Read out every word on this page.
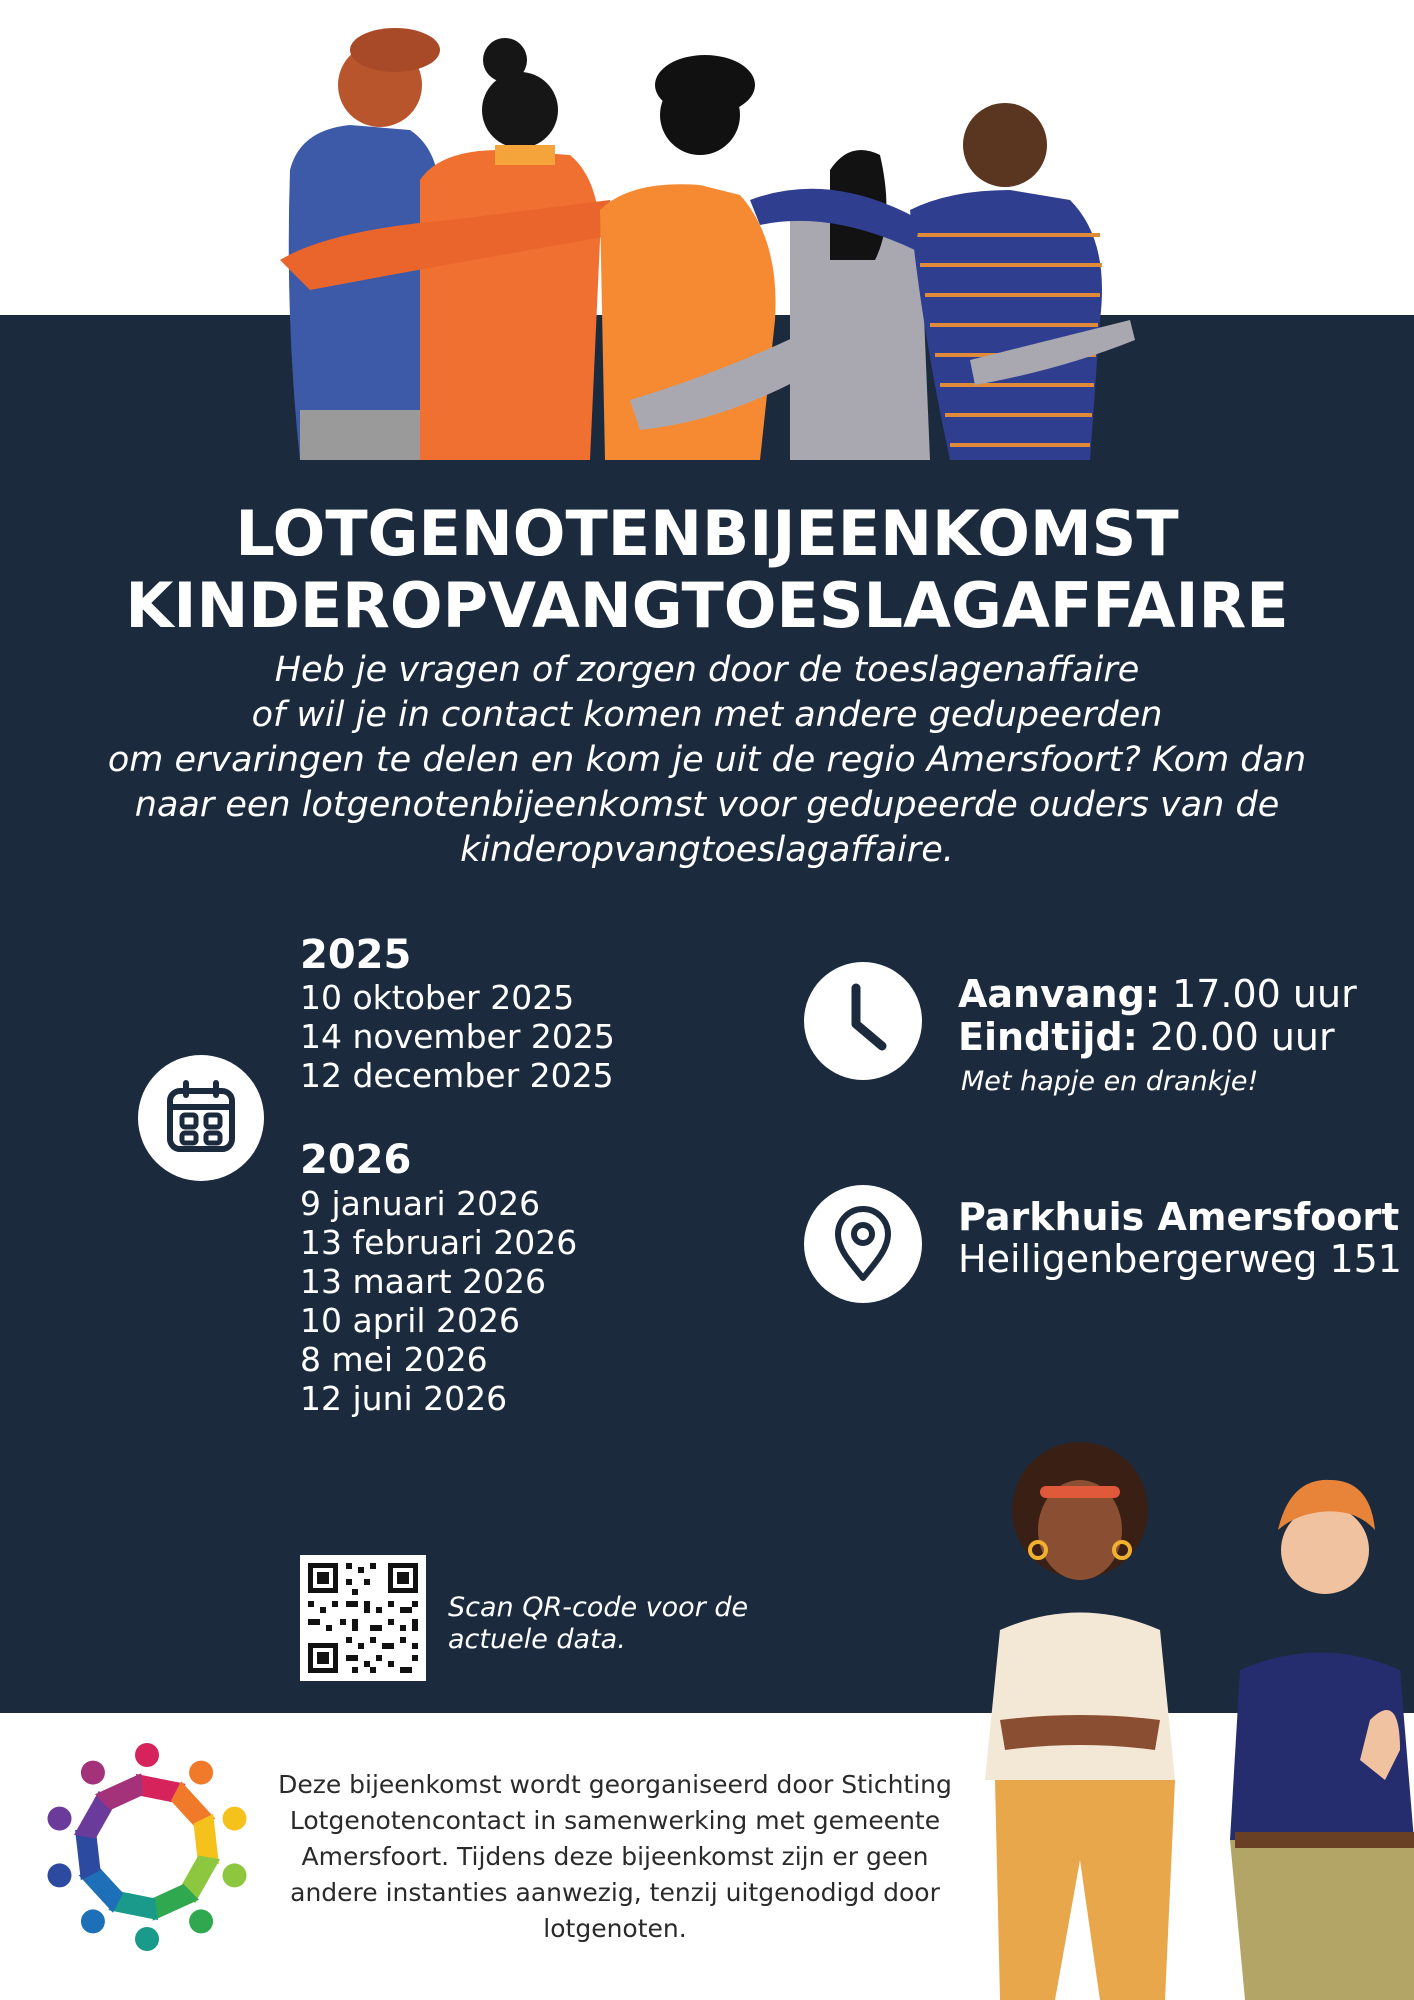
LOTGENOTENBIJEENKOMST
KINDEROPVANGTOESLAGAFFAIRE
Heb je vragen of zorgen door de toeslagenaffaire
of wil je in contact komen met andere gedupeerden
om ervaringen te delen en kom je uit de regio Amersfoort? Kom dan
naar een lotgenotenbijeenkomst voor gedupeerde ouders van de
kinderopvangtoeslagaffaire.
2025
10 oktober 2025
14 november 2025
12 december 2025
2026
9 januari 2026
13 februari 2026
13 maart 2026
10 april 2026
8 mei 2026
12 juni 2026
Aanvang: 17.00 uur
Eindtijd: 20.00 uur
Met hapje en drankje!
Parkhuis Amersfoort
Heiligenbergerweg 151
Scan QR-code voor de
actuele data.
Deze bijeenkomst wordt georganiseerd door Stichting
Lotgenotencontact in samenwerking met gemeente
Amersfoort. Tijdens deze bijeenkomst zijn er geen
andere instanties aanwezig, tenzij uitgenodigd door
lotgenoten.
